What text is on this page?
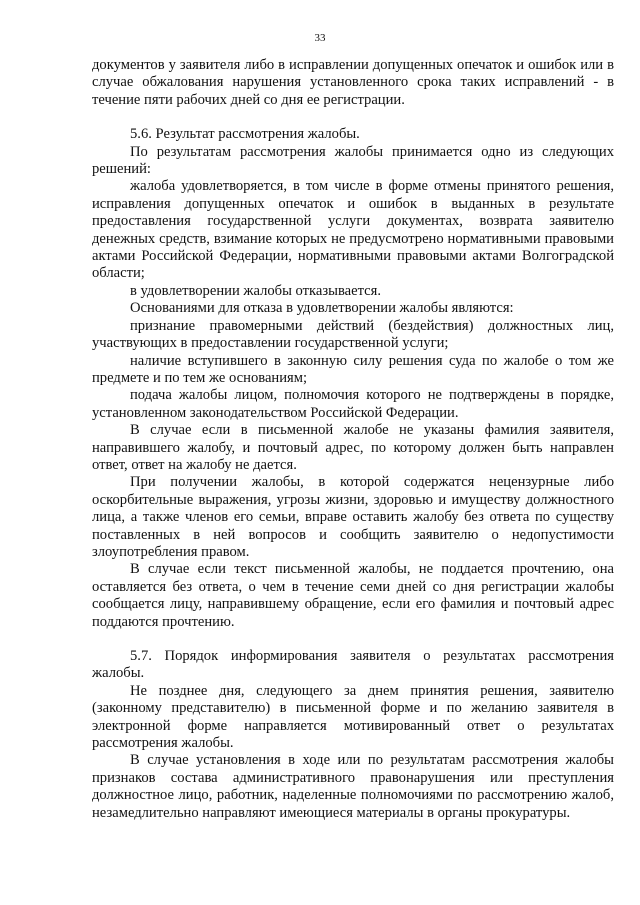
33

документов у заявителя либо в исправлении допущенных опечаток и ошибок или в случае обжалования нарушения установленного срока таких исправлений - в течение пяти рабочих дней со дня ее регистрации.

5.6. Результат рассмотрения жалобы.

По результатам рассмотрения жалобы принимается одно из следующих решений:

жалоба удовлетворяется, в том числе в форме отмены принятого решения, исправления допущенных опечаток и ошибок в выданных в результате предоставления государственной услуги документах, возврата заявителю денежных средств, взимание которых не предусмотрено нормативными правовыми актами Российской Федерации, нормативными правовыми актами Волгоградской области;

в удовлетворении жалобы отказывается.

Основаниями для отказа в удовлетворении жалобы являются:

признание правомерными действий (бездействия) должностных лиц, участвующих в предоставлении государственной услуги;

наличие вступившего в законную силу решения суда по жалобе о том же предмете и по тем же основаниям;

подача жалобы лицом, полномочия которого не подтверждены в порядке, установленном законодательством Российской Федерации.

В случае если в письменной жалобе не указаны фамилия заявителя, направившего жалобу, и почтовый адрес, по которому должен быть направлен ответ, ответ на жалобу не дается.

При получении жалобы, в которой содержатся нецензурные либо оскорбительные выражения, угрозы жизни, здоровью и имуществу должностного лица, а также членов его семьи, вправе оставить жалобу без ответа по существу поставленных в ней вопросов и сообщить заявителю о недопустимости злоупотребления правом.

В случае если текст письменной жалобы, не поддается прочтению, она оставляется без ответа, о чем в течение семи дней со дня регистрации жалобы сообщается лицу, направившему обращение, если его фамилия и почтовый адрес поддаются прочтению.

5.7. Порядок информирования заявителя о результатах рассмотрения жалобы.

Не позднее дня, следующего за днем принятия решения, заявителю (законному представителю) в письменной форме и по желанию заявителя в электронной форме направляется мотивированный ответ о результатах рассмотрения жалобы.

В случае установления в ходе или по результатам рассмотрения жалобы признаков состава административного правонарушения или преступления должностное лицо, работник, наделенные полномочиями по рассмотрению жалоб, незамедлительно направляют имеющиеся материалы в органы прокуратуры.
